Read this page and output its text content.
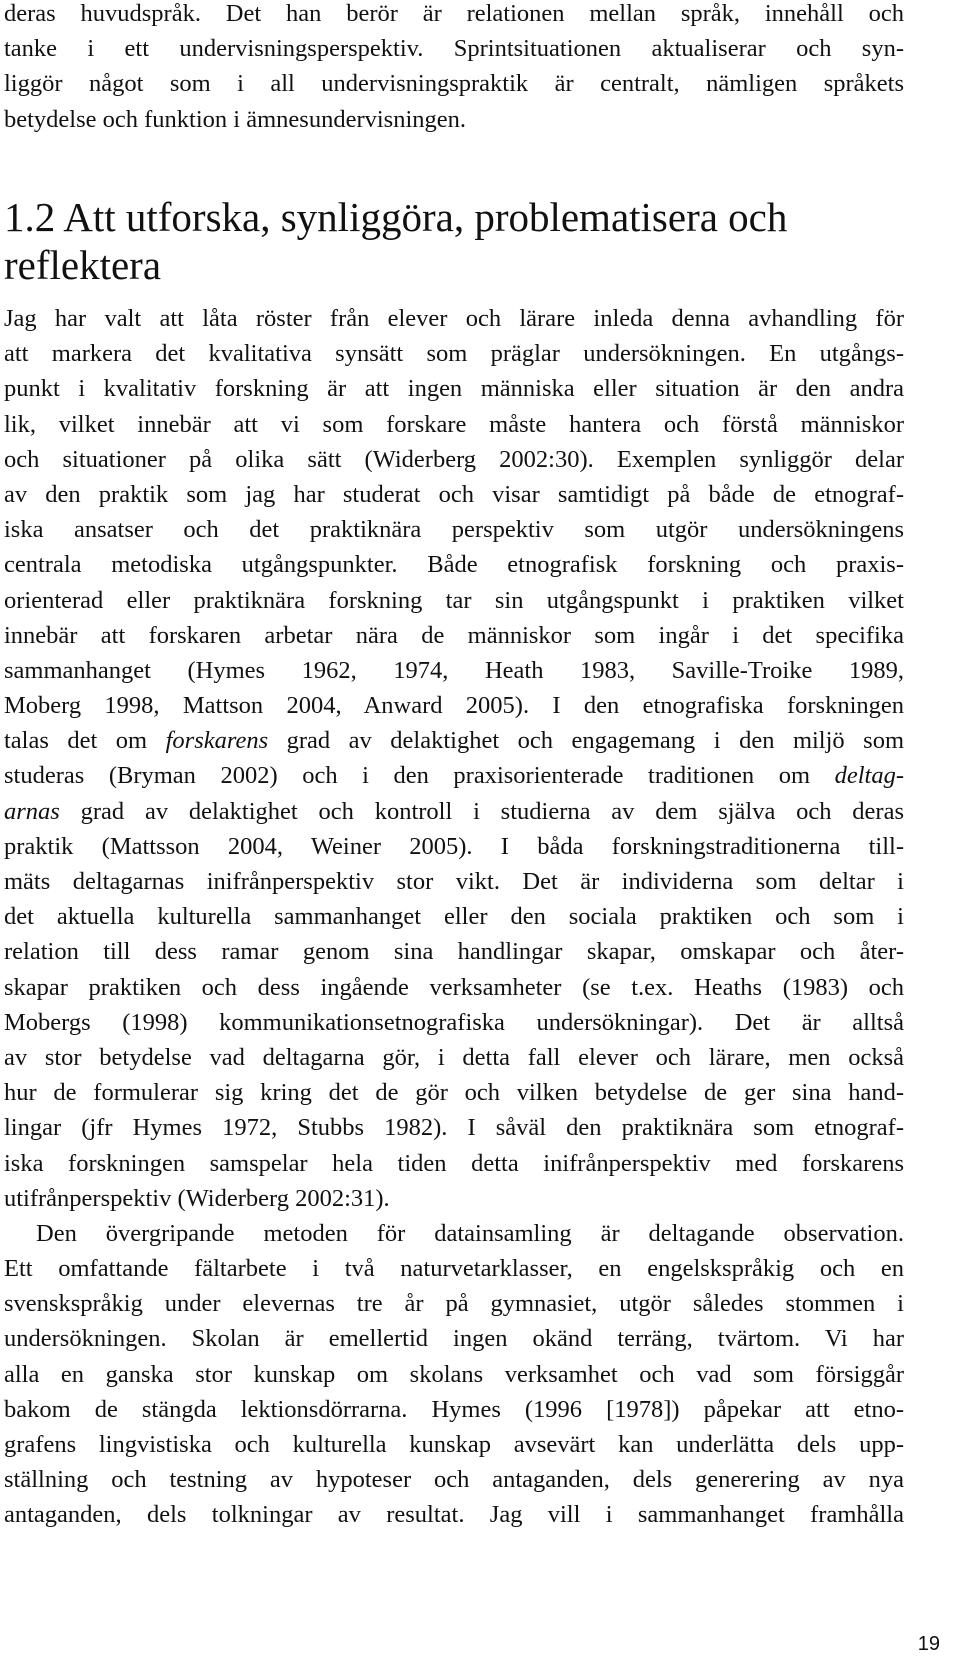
deras huvudspråk. Det han berör är relationen mellan språk, innehåll och
tanke i ett undervisningsperspektiv. Sprintsituationen aktualiserar och syn-
liggör något som i all undervisningspraktik är centralt, nämligen språkets
betydelse och funktion i ämnesundervisningen.
1.2 Att utforska, synliggöra, problematisera och
reflektera
Jag har valt att låta röster från elever och lärare inleda denna avhandling för
att markera det kvalitativa synsätt som präglar undersökningen. En utgångs-
punkt i kvalitativ forskning är att ingen människa eller situation är den andra
lik, vilket innebär att vi som forskare måste hantera och förstå människor
och situationer på olika sätt (Widerberg 2002:30). Exemplen synliggör delar
av den praktik som jag har studerat och visar samtidigt på både de etnograf-
iska ansatser och det praktiknära perspektiv som utgör undersökningens
centrala metodiska utgångspunkter. Både etnografisk forskning och praxis-
orienterad eller praktiknära forskning tar sin utgångspunkt i praktiken vilket
innebär att forskaren arbetar nära de människor som ingår i det specifika
sammanhanget (Hymes 1962, 1974, Heath 1983, Saville-Troike 1989,
Moberg 1998, Mattson 2004, Anward 2005). I den etnografiska forskningen
talas det om forskarens grad av delaktighet och engagemang i den miljö som
studeras (Bryman 2002) och i den praxisorienterade traditionen om deltag-
arnas grad av delaktighet och kontroll i studierna av dem själva och deras
praktik (Mattsson 2004, Weiner 2005). I båda forskningstraditionerna till-
mäts deltagarnas inifrånperspektiv stor vikt. Det är individerna som deltar i
det aktuella kulturella sammanhanget eller den sociala praktiken och som i
relation till dess ramar genom sina handlingar skapar, omskapar och åter-
skapar praktiken och dess ingående verksamheter (se t.ex. Heaths (1983) och
Mobergs (1998) kommunikationsetnografiska undersökningar). Det är alltså
av stor betydelse vad deltagarna gör, i detta fall elever och lärare, men också
hur de formulerar sig kring det de gör och vilken betydelse de ger sina hand-
lingar (jfr Hymes 1972, Stubbs 1982). I såväl den praktiknära som etnograf-
iska forskningen samspelar hela tiden detta inifrånperspektiv med forskarens
utifrånperspektiv (Widerberg 2002:31).
Den övergripande metoden för datainsamling är deltagande observation.
Ett omfattande fältarbete i två naturvetarklasser, en engelskspråkig och en
svenskspråkig under elevernas tre år på gymnasiet, utgör således stommen i
undersökningen. Skolan är emellertid ingen okänd terräng, tvärtom. Vi har
alla en ganska stor kunskap om skolans verksamhet och vad som försiggår
bakom de stängda lektionsdörrarna. Hymes (1996 [1978]) påpekar att etno-
grafens lingvistiska och kulturella kunskap avsevärt kan underlätta dels upp-
ställning och testning av hypoteser och antaganden, dels generering av nya
antaganden, dels tolkningar av resultat. Jag vill i sammanhanget framhålla
19
